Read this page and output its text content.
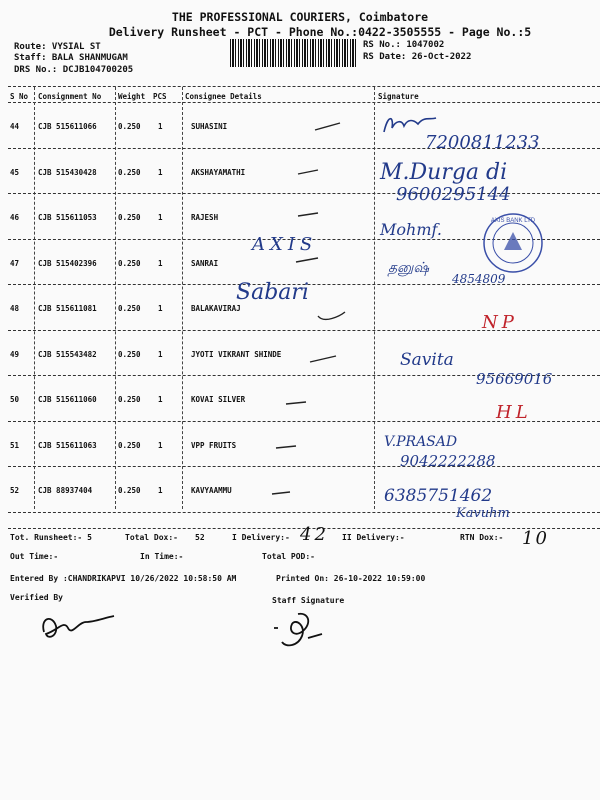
THE PROFESSIONAL COURIERS, Coimbatore
Delivery Runsheet - PCT - Phone No.:0422-3505555 - Page No.:5
Route: VYSIAL ST
Staff: BALA SHANMUGAM
DRS No.: DCJB104700205
RS No.: 1047002
RS Date: 26-Oct-2022
S No Consignment No Weight PCS Consignee Details	Signature
44	CJB 515611066	0.250 1	SUHASINI
45	CJB 515430428	0.250 1	AKSHAYAMATHI
46	CJB 515611053	0.250 1	RAJESH
47	CJB 515402396	0.250 1	SANRAI
48	CJB 515611081	0.250 1	BALAKAVIRAJ
49	CJB 515543482	0.250 1	JYOTI VIKRANT SHINDE
50	CJB 515611060	0.250 1	KOVAI SILVER
51	CJB 515611063	0.250 1	VPP FRUITS
52	CJB 88937404	0.250 1	KAVYAAMMU
7200811233
M.Durga di
9600295144
Mohmf.
AXIS
தனுஷ்
4854809
Sabari
NP
Savita
95669016
HL
V.PRASAD
9042222288
6385751462
Kavuhm
AXIS BANK LTD
Tot. Runsheet:- 5	Total Dox:- 52	I Delivery:- 42 II Delivery:-	RTN Dox:- 10
Out Time:-	In Time:-	Total POD:-
Entered By :CHANDRIKAPVI 10/26/2022 10:58:50 AM	Printed On: 26-10-2022 10:59:00
Verified By	Staff Signature
